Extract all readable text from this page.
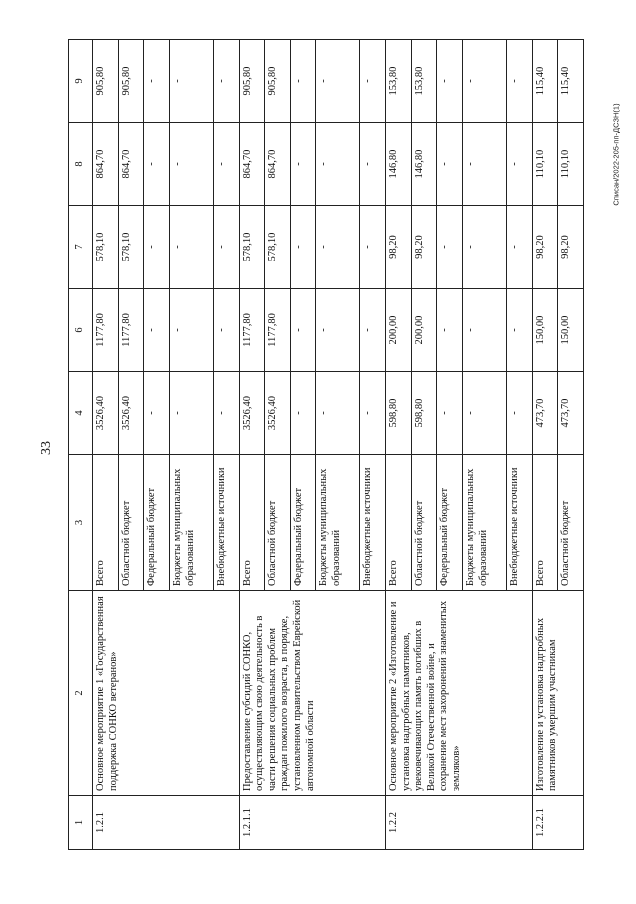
33
Списан/2022-205-пп-ДСЗН(1)
1	2	3	4	6	7	8	9
1.2.1	Основное мероприятие 1 «Государственная поддержка СОНКО ветеранов»	Всего	3526,40	1177,80	578,10	864,70	905,80
		Областной бюджет	3526,40	1177,80	578,10	864,70	905,80
		Федеральный бюджет	-	-	-	-	-
		Бюджеты муниципальных образований	-	-	-	-	-
		Внебюджетные источники	-	-	-	-	-
1.2.1.1	Предоставление субсидий СОНКО, осуществляющим свою деятельность в части решения социальных проблем граждан пожилого возраста, в порядке, установленном правительством Еврейской автономной области	Всего	3526,40	1177,80	578,10	864,70	905,80
		Областной бюджет	3526,40	1177,80	578,10	864,70	905,80
		Федеральный бюджет	-	-	-	-	-
		Бюджеты муниципальных образований	-	-	-	-	-
		Внебюджетные источники	-	-	-	-	-
1.2.2	Основное мероприятие 2 «Изготовление и установка надгробных памятников, увековечивающих память погибших в Великой Отечественной войне, и сохранение мест захоронений знаменитых земляков»	Всего	598,80	200,00	98,20	146,80	153,80
		Областной бюджет	598,80	200,00	98,20	146,80	153,80
		Федеральный бюджет	-	-	-	-	-
		Бюджеты муниципальных образований	-	-	-	-	-
		Внебюджетные источники	-	-	-	-	-
1.2.2.1	Изготовление и установка надгробных памятников умершим участникам	Всего	473,70	150,00	98,20	110,10	115,40
		Областной бюджет	473,70	150,00	98,20	110,10	115,40
